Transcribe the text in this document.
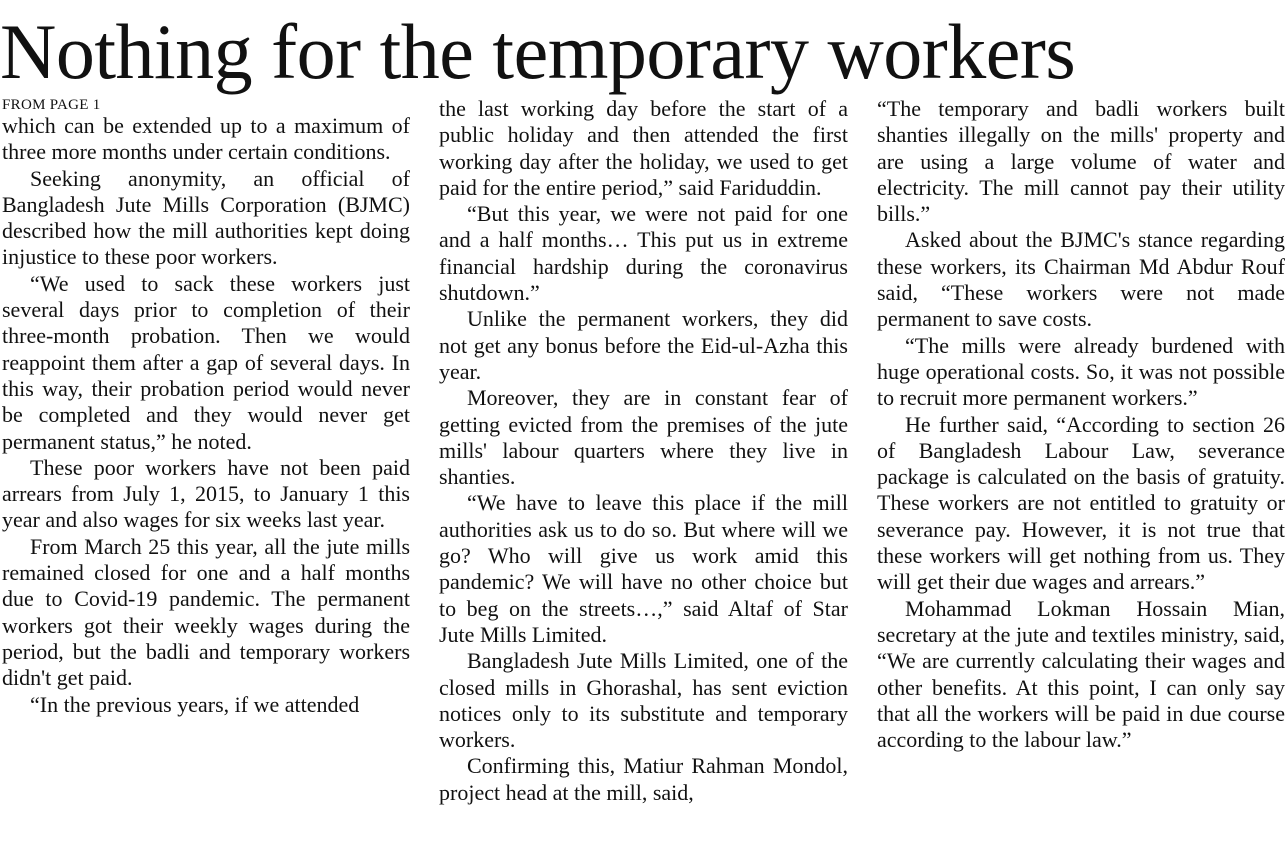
Nothing for the temporary workers
FROM PAGE 1

which can be extended up to a maximum of three more months under certain conditions.

Seeking anonymity, an official of Bangladesh Jute Mills Corporation (BJMC) described how the mill authorities kept doing injustice to these poor workers.

“We used to sack these workers just several days prior to completion of their three-month probation. Then we would reappoint them after a gap of several days. In this way, their probation period would never be completed and they would never get permanent status,” he noted.

These poor workers have not been paid arrears from July 1, 2015, to January 1 this year and also wages for six weeks last year.

From March 25 this year, all the jute mills remained closed for one and a half months due to Covid-19 pandemic. The permanent workers got their weekly wages during the period, but the badli and temporary workers didn't get paid.

“In the previous years, if we attended

the last working day before the start of a public holiday and then attended the first working day after the holiday, we used to get paid for the entire period,” said Fariduddin.

“But this year, we were not paid for one and a half months… This put us in extreme financial hardship during the coronavirus shutdown.”

Unlike the permanent workers, they did not get any bonus before the Eid-ul-Azha this year.

Moreover, they are in constant fear of getting evicted from the premises of the jute mills' labour quarters where they live in shanties.

“We have to leave this place if the mill authorities ask us to do so. But where will we go? Who will give us work amid this pandemic? We will have no other choice but to beg on the streets…,” said Altaf of Star Jute Mills Limited.

Bangladesh Jute Mills Limited, one of the closed mills in Ghorashal, has sent eviction notices only to its substitute and temporary workers.

Confirming this, Matiur Rahman Mondol, project head at the mill, said,

“The temporary and badli workers built shanties illegally on the mills' property and are using a large volume of water and electricity. The mill cannot pay their utility bills.”

Asked about the BJMC's stance regarding these workers, its Chairman Md Abdur Rouf said, “These workers were not made permanent to save costs.

“The mills were already burdened with huge operational costs. So, it was not possible to recruit more permanent workers.”

He further said, “According to section 26 of Bangladesh Labour Law, severance package is calculated on the basis of gratuity. These workers are not entitled to gratuity or severance pay. However, it is not true that these workers will get nothing from us. They will get their due wages and arrears.”

Mohammad Lokman Hossain Mian, secretary at the jute and textiles ministry, said, “We are currently calculating their wages and other benefits. At this point, I can only say that all the workers will be paid in due course according to the labour law.”
